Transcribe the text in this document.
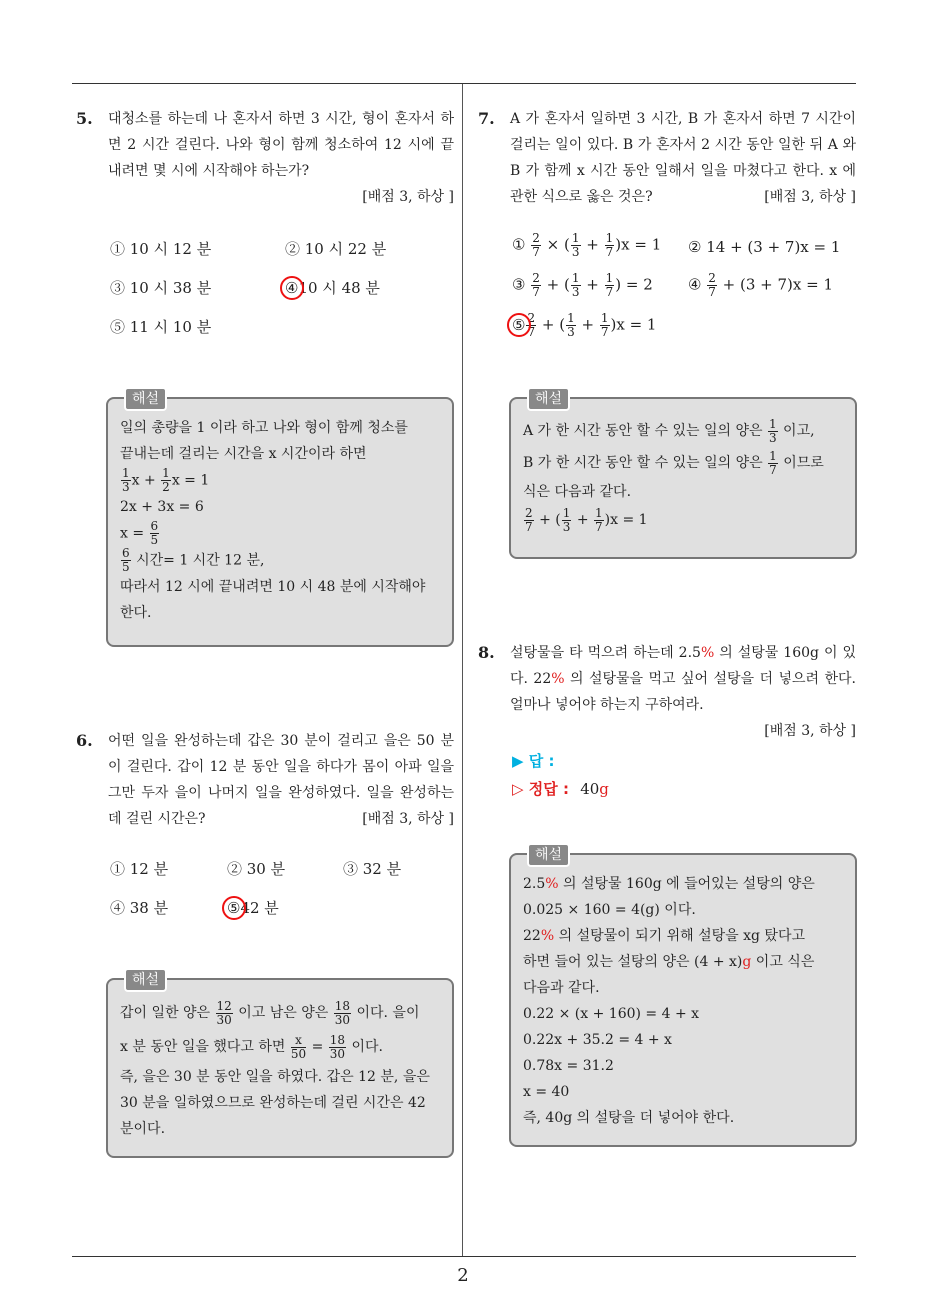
2
5. 대청소를 하는데 나 혼자서 하면 3 시간, 형이 혼자서 하면 2 시간 걸린다. 나와 형이 함께 청소하여 12 시에 끝내려면 몇 시에 시작해야 하는가?
[배점 3, 하상 ]
① 10 시 12 분	② 10 시 22 분
③ 10 시 38 분	④10 시 48 분
⑤ 11 시 10 분
해설
일의 총량을 1 이라 하고 나와 형이 함께 청소를
끝내는데 걸리는 시간을 x 시간이라 하면
$\frac{1}{3}$ $x + \frac{1}{2}$ x = 1
2x + 3x = 6
$x = \frac{6}{5}$
$\frac{6}{5}$ 시간= 1 시간 12 분,
따라서 12 시에 끝내려면 10 시 48 분에 시작해야
한다.
6. 어떤 일을 완성하는데 갑은 30 분이 걸리고 을은 50 분이 걸린다. 갑이 12 분 동안 일을 하다가 몸이 아파 일을 그만 두자 을이 나머지 일을 완성하였다. 일을 완성하는데 걸린 시간은?	[배점 3, 하상 ]
① 12 분	② 30 분	③ 32 분
④ 38 분	⑤42 분
해설
갑이 일한 양은 $\frac{12}{30}$ 이고 남은 양은 $\frac{18}{30}$ 이다. 을이
x 분 동안 일을 했다고 하면 $\frac{x}{50} = \frac{18}{30}$ 이다.
즉, 을은 30 분 동안 일을 하였다. 갑은 12 분, 을은
30 분을 일하였으므로 완성하는데 걸린 시간은 42
분이다.
7. A 가 혼자서 일하면 3 시간, B 가 혼자서 하면 7 시간이 걸리는 일이 있다. B 가 혼자서 2 시간 동안 일한 뒤 A 와 B 가 함께 x 시간 동안 일해서 일을 마쳤다고 한다. x 에 관한 식으로 옳은 것은?	[배점 3, 하상 ]
① $\frac{2}{7}$ × ( $\frac{1}{3} + \frac{1}{7} )x = 1$ ② 14 + (3 + 7)x = 1
③ $\frac{2}{7}$ + ( $\frac{1}{3} + \frac{1}{7}$ ) = 2 ④ $\frac{2}{7} + (3 + 7)x = 1$
⑤ $\frac{2}{7}$ + ( $\frac{1}{3} + \frac{1}{7} )x = 1$
해설
A 가 한 시간 동안 할 수 있는 일의 양은 $\frac{1}{3}$ 이고,
B 가 한 시간 동안 할 수 있는 일의 양은 $\frac{1}{7}$ 이므로
식은 다음과 같다.
$\frac{2}{7}$ + ( $\frac{1}{3} + \frac{1}{7} )x = 1$
8. 설탕물을 타 먹으려 하는데 2.5% 의 설탕물 160g 이 있다. 22% 의 설탕물을 먹고 싶어 설탕을 더 넣으려 한다. 얼마나 넣어야 하는지 구하여라.
[배점 3, 하상 ]
▶ 답 :
▷ 정답 : 40g
해설
2.5% 의 설탕물 160g 에 들어있는 설탕의 양은
0.025 × 160 = 4(g) 이다.
22% 의 설탕물이 되기 위해 설탕을 xg 탔다고
하면 들어 있는 설탕의 양은 (4 + x)g 이고 식은
다음과 같다.
0.22 × (x + 160) = 4 + x
0.22x + 35.2 = 4 + x
0.78x = 31.2
x = 40
즉, 40g 의 설탕을 더 넣어야 한다.
